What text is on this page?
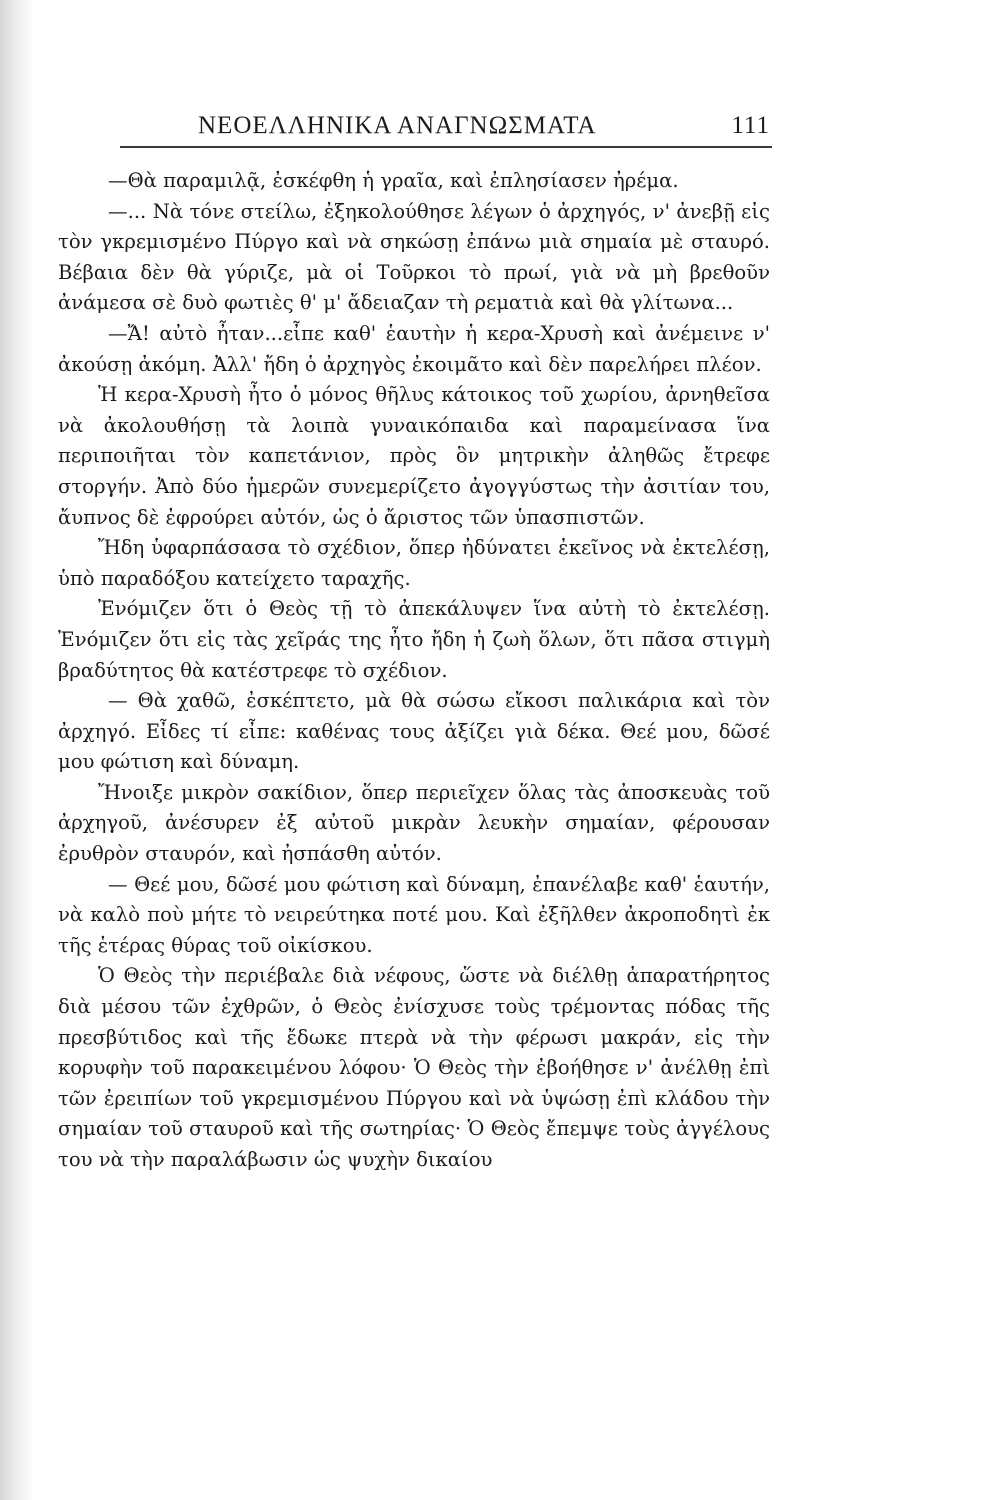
ΝΕΟΕΛΛΗΝΙΚΑ ΑΝΑΓΝΩΣΜΑΤΑ	111

—Θὰ παραμιλᾷ, ἐσκέφθη ἡ γραῖα, καὶ ἐπλησίασεν ἠρέμα.

—... Νὰ τόνε στείλω, ἐξηκολούθησε λέγων ὁ ἀρχηγός, ν' ἀνεβῇ εἰς τὸν γκρεμισμένο Πύργο καὶ νὰ σηκώσῃ ἐπάνω μιὰ σημαία μὲ σταυρό. Βέβαια δὲν θὰ γύριζε, μὰ οἱ Τοῦρκοι τὸ πρωί, γιὰ νὰ μὴ βρεθοῦν ἀνάμεσα σὲ δυὸ φωτιὲς θ' μ' ἄδειαζαν τὴ ρεματιὰ καὶ θὰ γλίτωνα...

—Ἄ! αὐτὸ ἦταν...εἶπε καθ' ἑαυτὴν ἡ κερα-Χρυσὴ καὶ ἀνέμεινε ν' ἀκούσῃ ἀκόμη. Ἀλλ' ἤδη ὁ ἀρχηγὸς ἐκοιμᾶτο καὶ δὲν παρελήρει πλέον.

Ἡ κερα-Χρυσὴ ἦτο ὁ μόνος θῆλυς κάτοικος τοῦ χωρίου, ἀρνηθεῖσα νὰ ἀκολουθήσῃ τὰ λοιπὰ γυναικόπαιδα καὶ παραμείνασα ἵνα περιποιῆται τὸν καπετάνιον, πρὸς ὃν μητρικὴν ἀληθῶς ἔτρεφε στοργήν. Ἀπὸ δύο ἡμερῶν συνεμερίζετο ἀγογγύστως τὴν ἀσιτίαν του, ἄυπνος δὲ ἐφρούρει αὐτόν, ὡς ὁ ἄριστος τῶν ὑπασπιστῶν.

Ἤδη ὑφαρπάσασα τὸ σχέδιον, ὅπερ ἠδύνατει ἐκεῖνος νὰ ἐκτελέσῃ, ὑπὸ παραδόξου κατείχετο ταραχῆς.

Ἐνόμιζεν ὅτι ὁ Θεὸς τῇ τὸ ἀπεκάλυψεν ἵνα αὐτὴ τὸ ἐκτελέσῃ. Ἐνόμιζεν ὅτι εἰς τὰς χεῖράς της ἦτο ἤδη ἡ ζωὴ ὅλων, ὅτι πᾶσα στιγμὴ βραδύτητος θὰ κατέστρεφε τὸ σχέδιον.

— Θὰ χαθῶ, ἐσκέπτετο, μὰ θὰ σώσω εἴκοσι παλικάρια καὶ τὸν ἀρχηγό. Εἶδες τί εἶπε: καθένας τους ἀξίζει γιὰ δέκα. Θεέ μου, δῶσέ μου φώτιση καὶ δύναμη.

Ἤνοιξε μικρὸν σακίδιον, ὅπερ περιεῖχεν ὅλας τὰς ἀποσκευὰς τοῦ ἀρχηγοῦ, ἀνέσυρεν ἐξ αὐτοῦ μικρὰν λευκὴν σημαίαν, φέρουσαν ἐρυθρὸν σταυρόν, καὶ ἠσπάσθη αὐτόν.

— Θεέ μου, δῶσέ μου φώτιση καὶ δύναμη, ἐπανέλαβε καθ' ἑαυτήν, νὰ καλὸ ποὺ μήτε τὸ νειρεύτηκα ποτέ μου. Καὶ ἐξῆλθεν ἀκροποδητὶ ἐκ τῆς ἑτέρας θύρας τοῦ οἰκίσκου.

Ὁ Θεὸς τὴν περιέβαλε διὰ νέφους, ὥστε νὰ διέλθῃ ἀπαρατήρητος διὰ μέσου τῶν ἐχθρῶν, ὁ Θεὸς ἐνίσχυσε τοὺς τρέμοντας πόδας τῆς πρεσβύτιδος καὶ τῆς ἔδωκε πτερὰ νὰ τὴν φέρωσι μακράν, εἰς τὴν κορυφὴν τοῦ παρακειμένου λόφου· Ὁ Θεὸς τὴν ἐβοήθησε ν' ἀνέλθῃ ἐπὶ τῶν ἐρειπίων τοῦ γκρεμισμένου Πύργου καὶ νὰ ὑψώσῃ ἐπὶ κλάδου τὴν σημαίαν τοῦ σταυροῦ καὶ τῆς σωτηρίας· Ὁ Θεὸς ἔπεμψε τοὺς ἀγγέλους του νὰ τὴν παραλάβωσιν ὡς ψυχὴν δικαίου
